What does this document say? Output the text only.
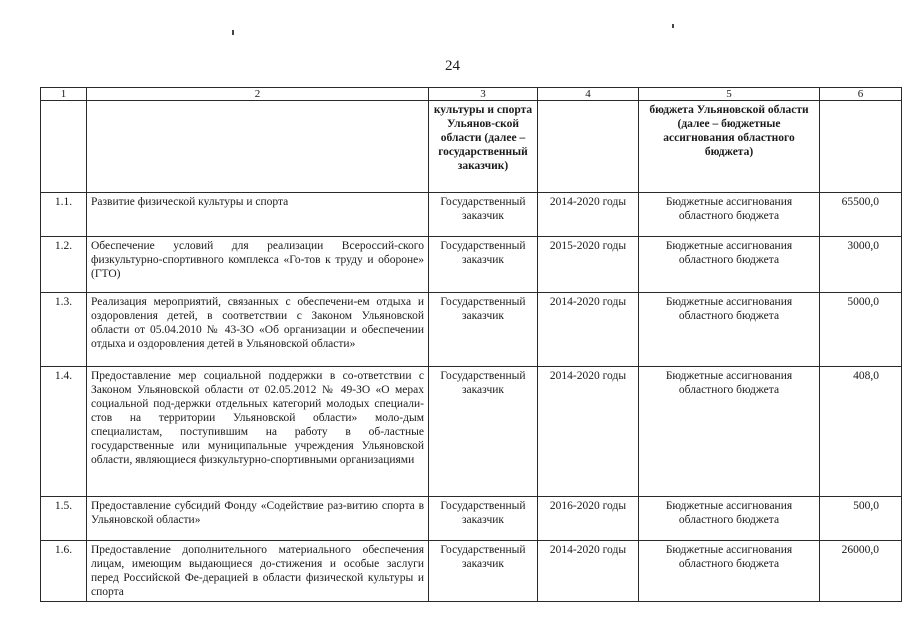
24
1	2	3	4	5	6
		культуры и спорта Ульянов-ской области (далее – государственный заказчик)		бюджета Ульяновской области (далее – бюджетные ассигнования областного бюджета)	
1.1.	Развитие физической культуры и спорта	Государственный заказчик	2014-2020 годы	Бюджетные ассигнования областного бюджета	65500,0
1.2.	Обеспечение условий для реализации Всероссий-ского физкультурно-спортивного комплекса «Го-тов к труду и обороне» (ГТО)	Государственный заказчик	2015-2020 годы	Бюджетные ассигнования областного бюджета	3000,0
1.3.	Реализация мероприятий, связанных с обеспечени-ем отдыха и оздоровления детей, в соответствии с Законом Ульяновской области от 05.04.2010 № 43-ЗО «Об организации и обеспечении отдыха и оздоровления детей в Ульяновской области»	Государственный заказчик	2014-2020 годы	Бюджетные ассигнования областного бюджета	5000,0
1.4.	Предоставление мер социальной поддержки в со-ответствии с Законом Ульяновской области от 02.05.2012 № 49-ЗО «О мерах социальной под-держки отдельных категорий молодых специали-стов на территории Ульяновской области» моло-дым специалистам, поступившим на работу в об-ластные государственные или муниципальные учреждения Ульяновской области, являющиеся физкультурно-спортивными организациями	Государственный заказчик	2014-2020 годы	Бюджетные ассигнования областного бюджета	408,0
1.5.	Предоставление субсидий Фонду «Содействие раз-витию спорта в Ульяновской области»	Государственный заказчик	2016-2020 годы	Бюджетные ассигнования областного бюджета	500,0
1.6.	Предоставление дополнительного материального обеспечения лицам, имеющим выдающиеся до-стижения и особые заслуги перед Российской Фе-дерацией в области физической культуры и спорта	Государственный заказчик	2014-2020 годы	Бюджетные ассигнования областного бюджета	26000,0
